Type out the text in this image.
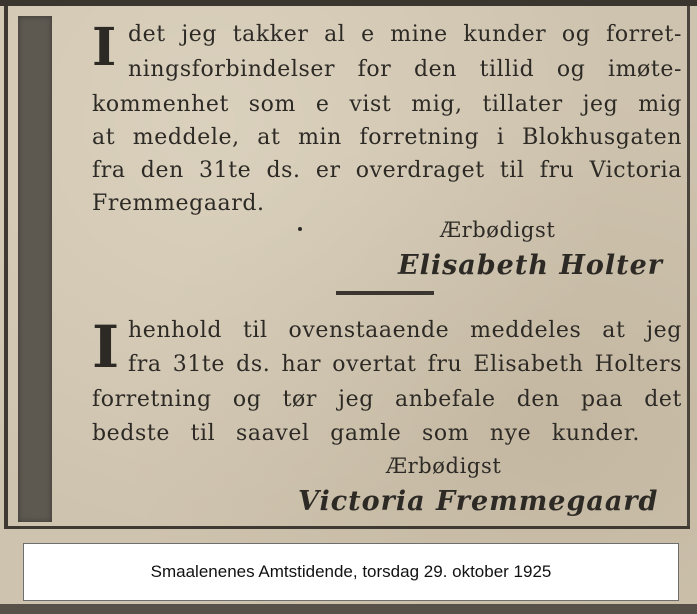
I det jeg takker al e mine kunder og forret-
ningsforbindelser for den tillid og imøte-
kommenhet som e vist mig, tillater jeg mig
at meddele, at min forretning i Blokhusgaten
fra den 31te ds. er overdraget til fru Victoria
Fremmegaard.
Ærbødigst
Elisabeth Holter
I henhold til ovenstaaende meddeles at jeg
fra 31te ds. har overtat fru Elisabeth Holters
forretning og tør jeg anbefale den paa det
bedste til saavel gamle som nye kunder.
Ærbødigst
Victoria Fremmegaard
Smaalenenes Amtstidende, torsdag 29. oktober 1925
